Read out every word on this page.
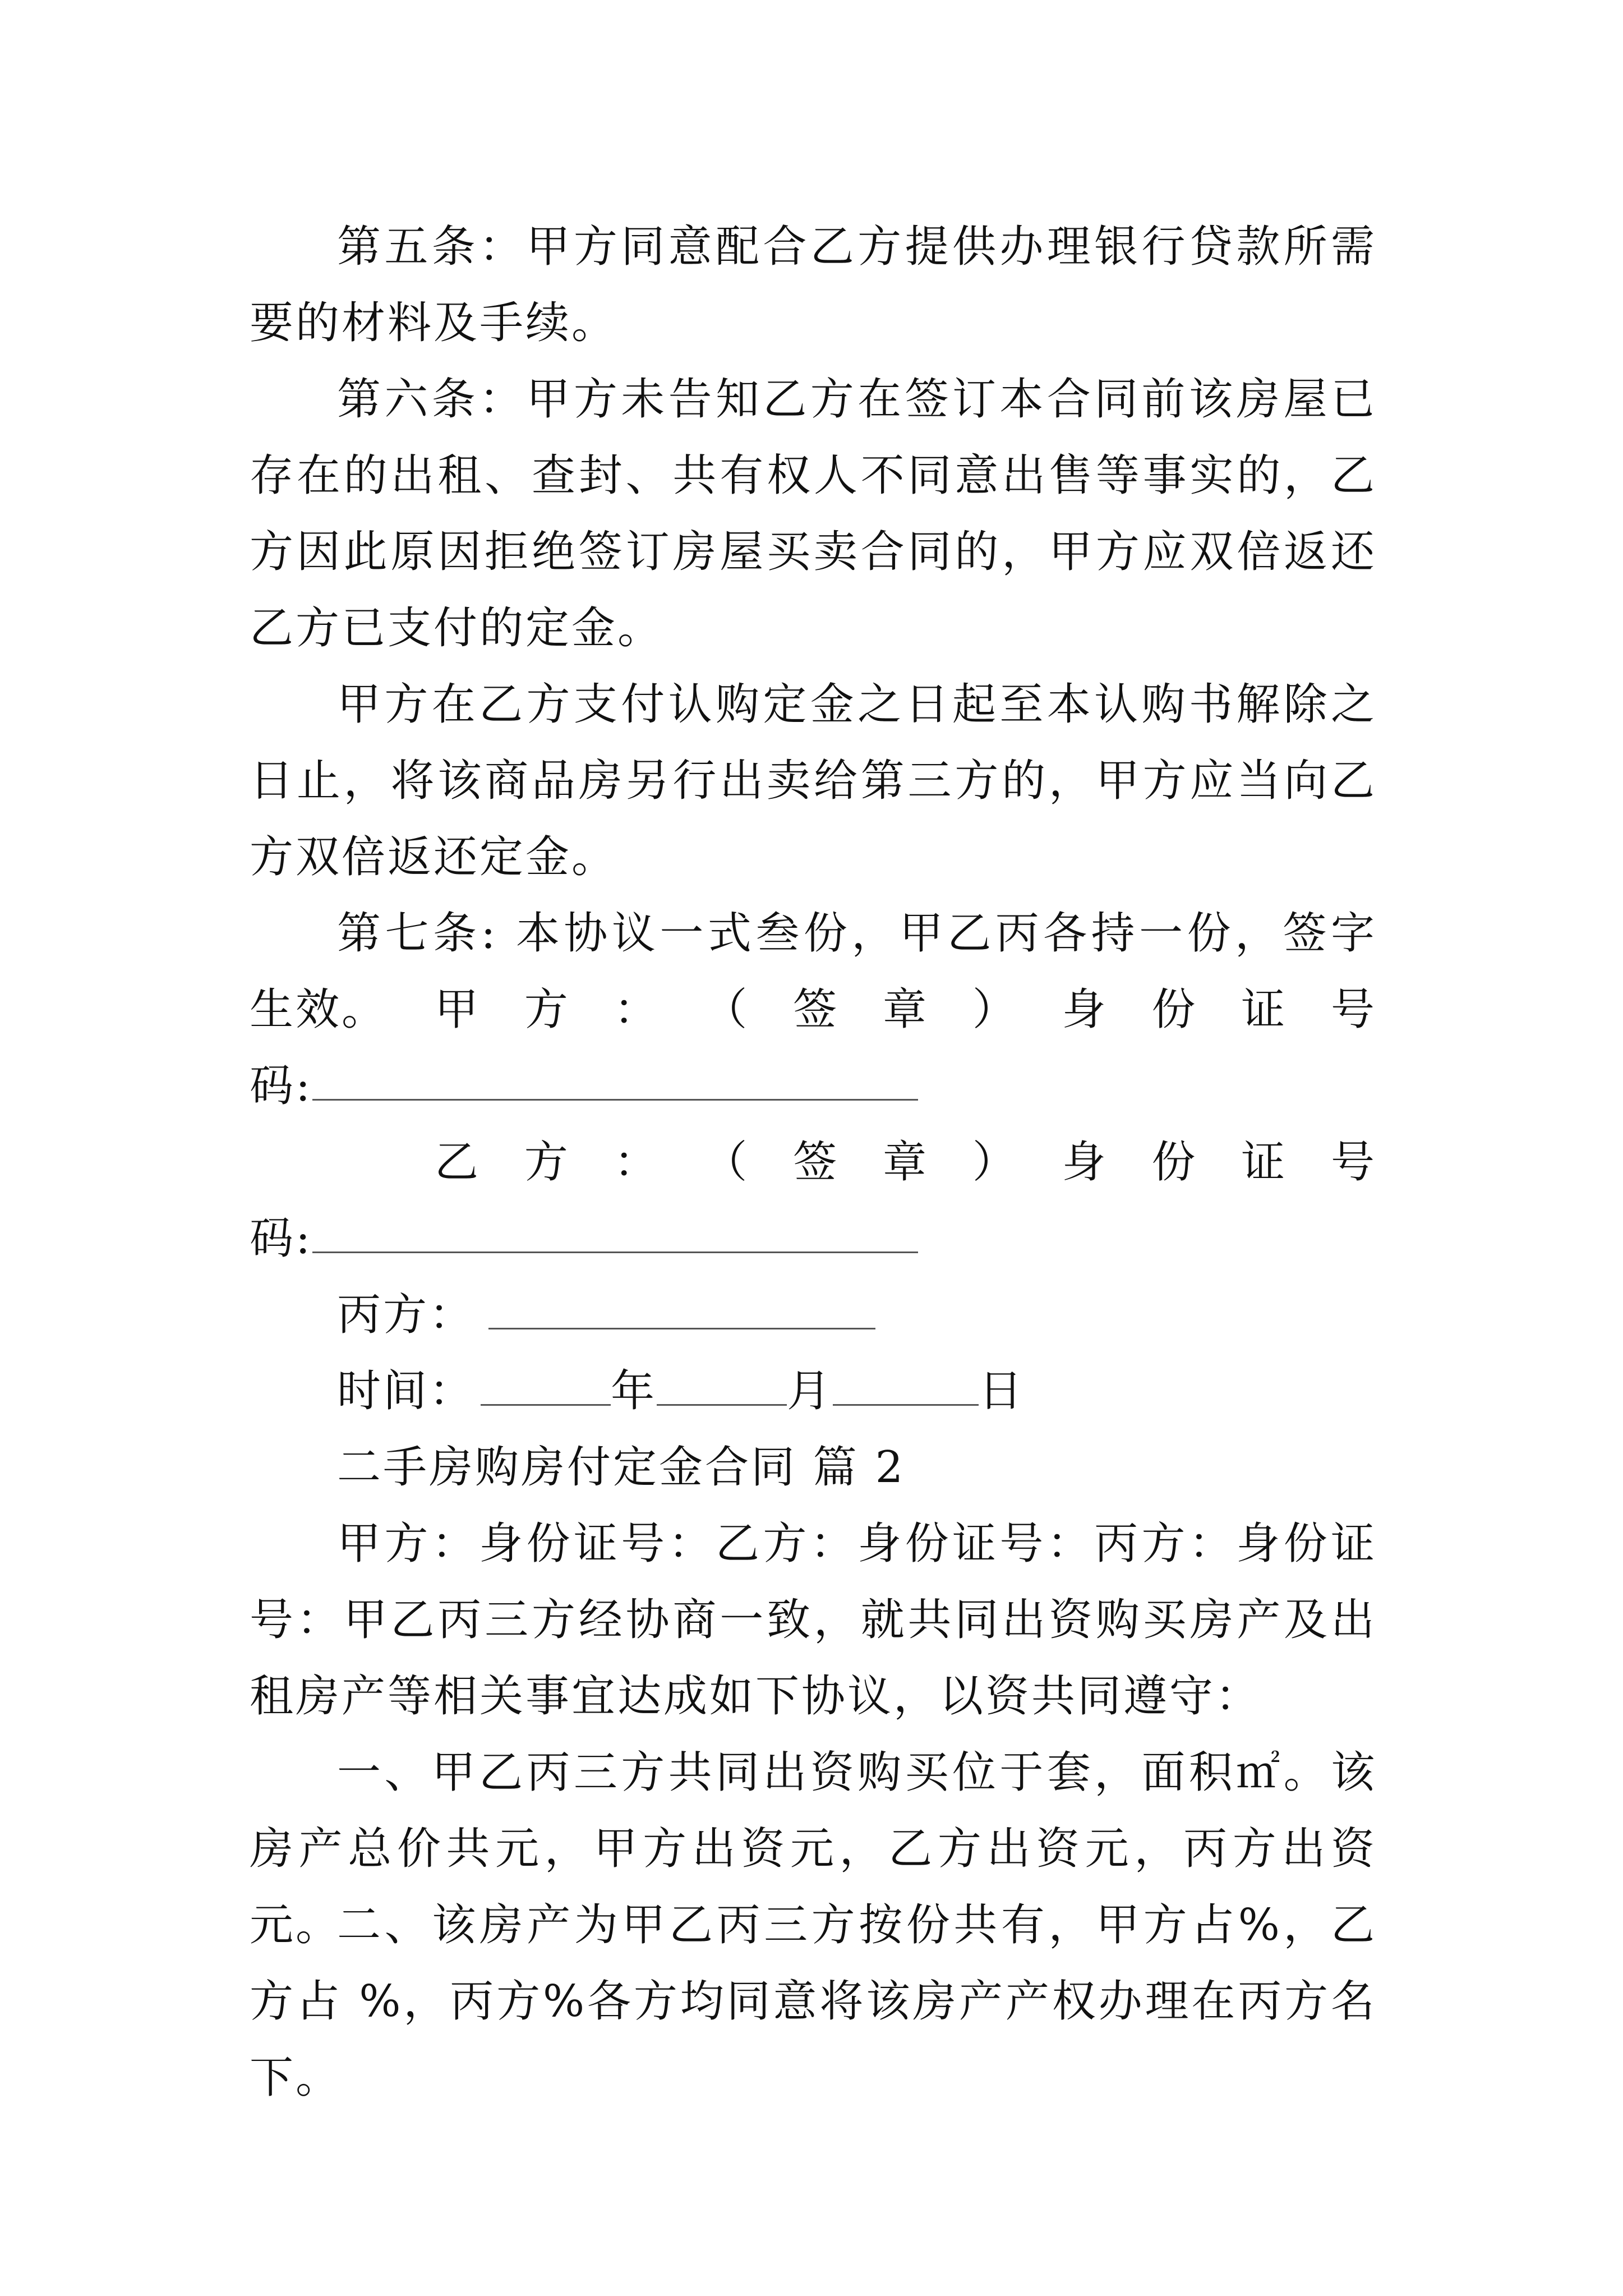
第五条：甲方同意配合乙方提供办理银行贷款所需要的材料及手续。

第六条：甲方未告知乙方在签订本合同前该房屋已存在的出租、查封、共有权人不同意出售等事实的，乙方因此原因拒绝签订房屋买卖合同的，甲方应双倍返还乙方已支付的定金。

甲方在乙方支付认购定金之日起至本认购书解除之日止，将该商品房另行出卖给第三方的，甲方应当向乙方双倍返还定金。

第七条: 本协议一式叁份，甲乙丙各持一份，签字生效。	甲 方 ： （ 签 章 ） 身 份 证 号
码:
乙 方 ： （ 签 章 ） 身 份 证 号
码:
丙方：
时间：	年	月	日
二手房购房付定金合同 篇 2

甲方：身份证号：乙方：身份证号：丙方：身份证号：甲乙丙三方经协商一致，就共同出资购买房产及出租房产等相关事宜达成如下协议，以资共同遵守：

一、甲乙丙三方共同出资购买位于套，面积㎡。该房产总价共元，甲方出资元，乙方出资元，丙方出资元。

二、该房产为甲乙丙三方按份共有，甲方占%，乙方占 %，丙方%各方均同意将该房产产权办理在丙方名下。
